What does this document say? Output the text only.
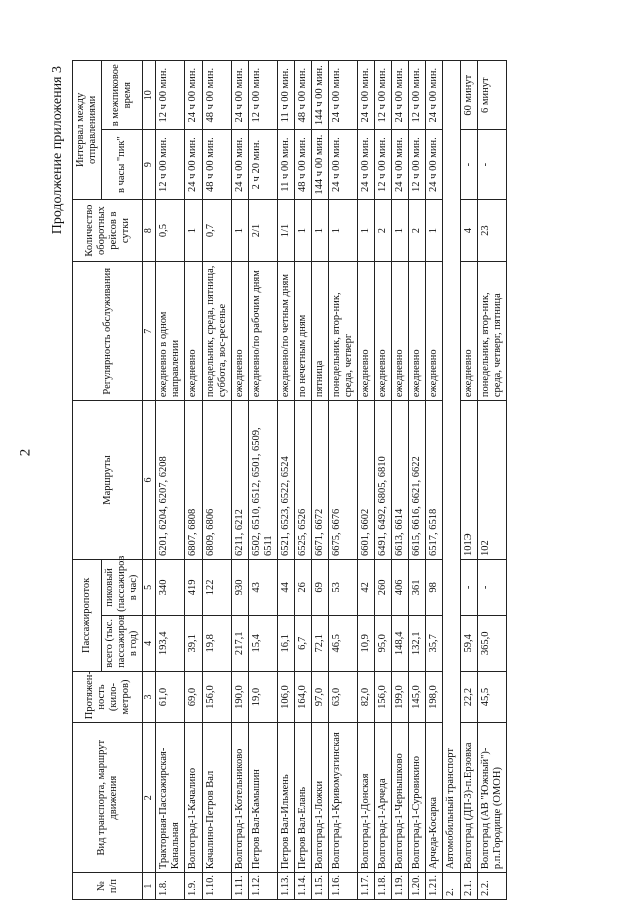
2
Продолжение приложения 3
№ п/п	Вид транспорта, маршрут движения	Протяжен-ность (кило-метров)	Пассажиропоток		Маршруты	Регулярность обслуживания	Количество оборотных рейсов в сутки	Интервал между отправлениями	
			всего (тыс. пассажиров в год)	пиковый (пассажиров в час)				в часы "пик"	в межпиковое время
1	2	3	4	5	6	7	8	9	10
1.8.	Тракторная-Пассажирская-Канальная	61,0	193,4	340	6201, 6204, 6207, 6208	ежедневно в одном направлении	0,5	12 ч 00 мин.	12 ч 00 мин.
1.9.	Волгоград-1-Качалино	69,0	39,1	419	6807, 6808	ежедневно	1	24 ч 00 мин.	24 ч 00 мин.
1.10.	Качалино-Петров Вал	156,0	19,8	122	6809, 6806	понедельник, среда, пятница, суббота, вос-ресенье	0,7	48 ч 00 мин.	48 ч 00 мин.
1.11.	Волгоград-1-Котельниково	190,0	217,1	930	6211, 6212	ежедневно	1	24 ч 00 мин.	24 ч 00 мин.
1.12.	Петров Вал-Камышин	19,0	15,4	43	6502, 6510, 6512, 6501, 6509, 6511	ежедневно/по рабочим дням	2/1	2 ч 20 мин.	12 ч 00 мин.
1.13.	Петров Вал-Ильмень	106,0	16,1	44	6521, 6523, 6522, 6524	ежедневно/по четным дням	1/1	11 ч 00 мин.	11 ч 00 мин.
1.14.	Петров Вал-Елань	164,0	6,7	26	6525, 6526	по нечетным дням	1	48 ч 00 мин.	48 ч 00 мин.
1.15.	Волгоград-1-Ложки	97,0	72,1	69	6671, 6672	пятница	1	144 ч 00 мин.	144 ч 00 мин.
1.16.	Волгоград-1-Кривомузгинская	63,0	46,5	53	6675, 6676	понедельник, втор-ник, среда, четверг	1	24 ч 00 мин.	24 ч 00 мин.
1.17.	Волгоград-1-Донская	82,0	10,9	42	6601, 6602	ежедневно	1	24 ч 00 мин.	24 ч 00 мин.
1.18.	Волгоград-1-Арчеда	156,0	95,0	260	6491, 6492, 6805, 6810	ежедневно	2	12 ч 00 мин.	12 ч 00 мин.
1.19.	Волгоград-1-Чернышково	199,0	148,4	406	6613, 6614	ежедневно	1	24 ч 00 мин.	24 ч 00 мин.
1.20.	Волгоград-1-Суровикино	145,0	132,1	361	6615, 6616, 6621, 6622	ежедневно	2	12 ч 00 мин.	12 ч 00 мин.
1.21.	Арчеда-Косарка	198,0	35,7	98	6517, 6518	ежедневно	1	24 ч 00 мин.	24 ч 00 мин.
2.	Автомобильный транспорт								
2.1.	Волгоград (ДП-3)-п.Ерзовка	22,2	59,4	-	101Э	ежедневно	4	-	60 минут
2.2.	Волгоград (АВ "Южный")-р.п.Городище (ОМОН)	45,5	365,0	-	102	понедельник, втор-ник, среда, четверг, пятница	23	-	6 минут
